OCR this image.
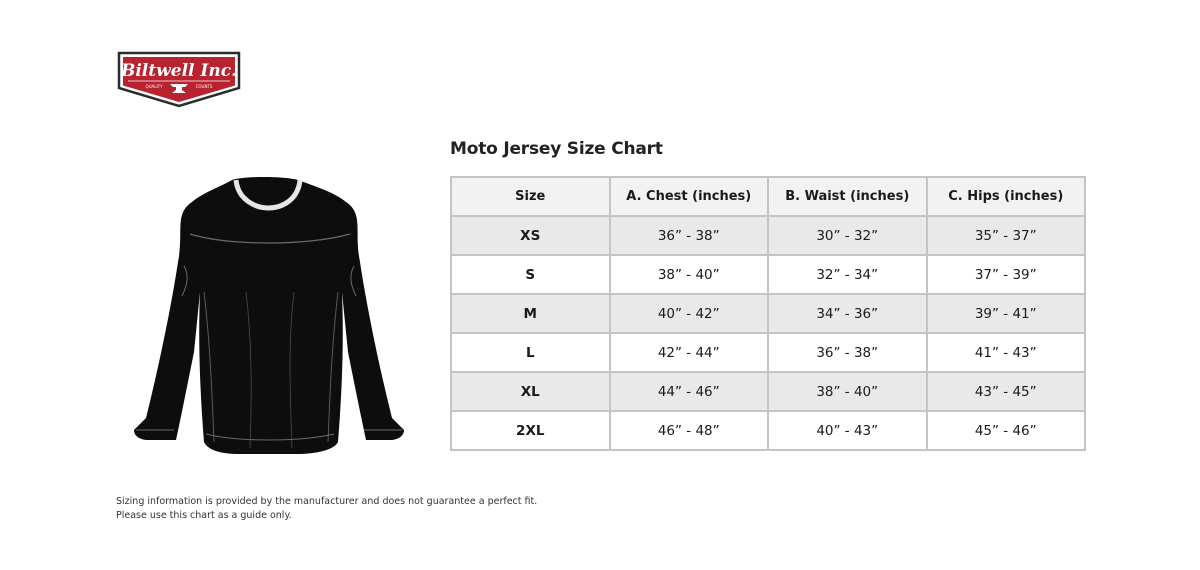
Biltwell Inc.
QUALITY	COUNTS
Moto Jersey Size Chart
Size	A. Chest (inches)	B. Waist (inches)	C. Hips (inches)
XS	36” - 38”	30” - 32”	35” - 37”
S	38” - 40”	32” - 34”	37” - 39”
M	40” - 42”	34” - 36”	39” - 41”
L	42” - 44”	36” - 38”	41” - 43”
XL	44” - 46”	38” - 40”	43” - 45”
2XL	46” - 48”	40” - 43”	45” - 46”
Sizing information is provided by the manufacturer and does not guarantee a perfect fit.
Please use this chart as a guide only.
